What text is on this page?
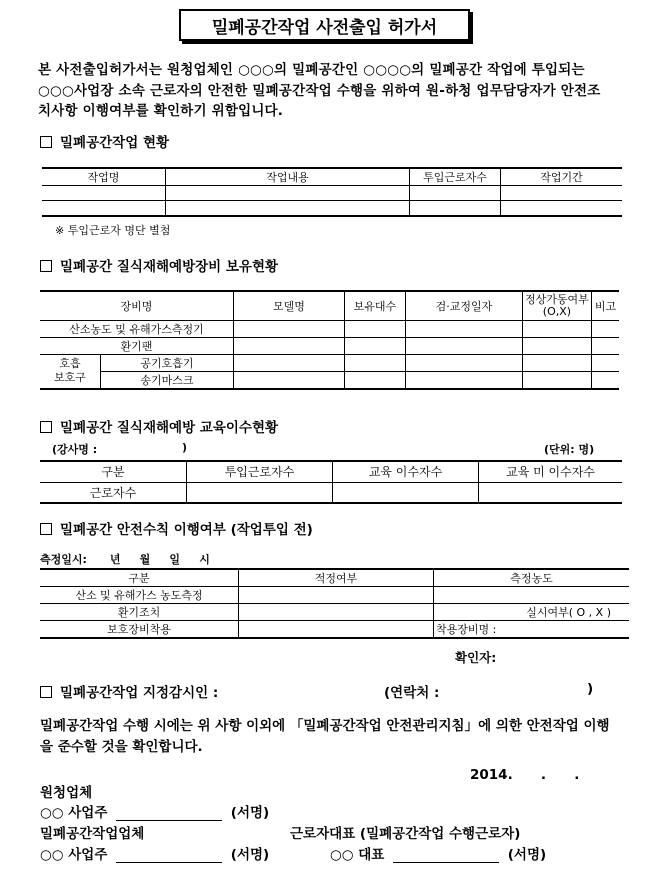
밀폐공간작업 사전출입 허가서
본 사전출입허가서는 원청업체인 ○○○의 밀폐공간인 ○○○○의 밀폐공간 작업에 투입되는 ○○○사업장 소속 근로자의 안전한 밀폐공간작업 수행을 위하여 원-하청 업무담당자가 안전조치사항 이행여부를 확인하기 위함입니다.
밀폐공간작업 현황
작업명	작업내용	투입근로자수	작업기간

※ 투입근로자 명단 별첨
밀폐공간 질식재해예방장비 보유현황
장비명		모델명	보유대수	검·교정일자	정상가동여부(O,X)	비고
산소농도 및 유해가스측정기						
환기팬						
호흡
보호구	공기호흡기					
	송기마스크					
밀폐공간 질식재해예방 교육이수현황
(강사명 :	)	(단위: 명)
구분	투입근로자수	교육 이수자수	교육 미 이수자수
근로자수			
밀폐공간 안전수칙 이행여부 (작업투입 전)
측정일시:      년     월     일     시
구분	적정여부	측정농도
산소 및 유해가스 농도측정		
환기조치		실시여부( O , X )
보호장비착용		착용장비명 :
확인자:
밀폐공간작업 지정감시인 :	(연락처 :	)
밀폐공간작업 수행 시에는 위 사항 이외에 「밀폐공간작업 안전관리지침」에 의한 안전작업 이행을 준수할 것을 확인합니다.
2014.      .      .
원청업체
○○ 사업주	(서명)
밀폐공간작업업체	근로자대표 (밀폐공간작업 수행근로자)
○○ 사업주	(서명)	○○ 대표	(서명)
